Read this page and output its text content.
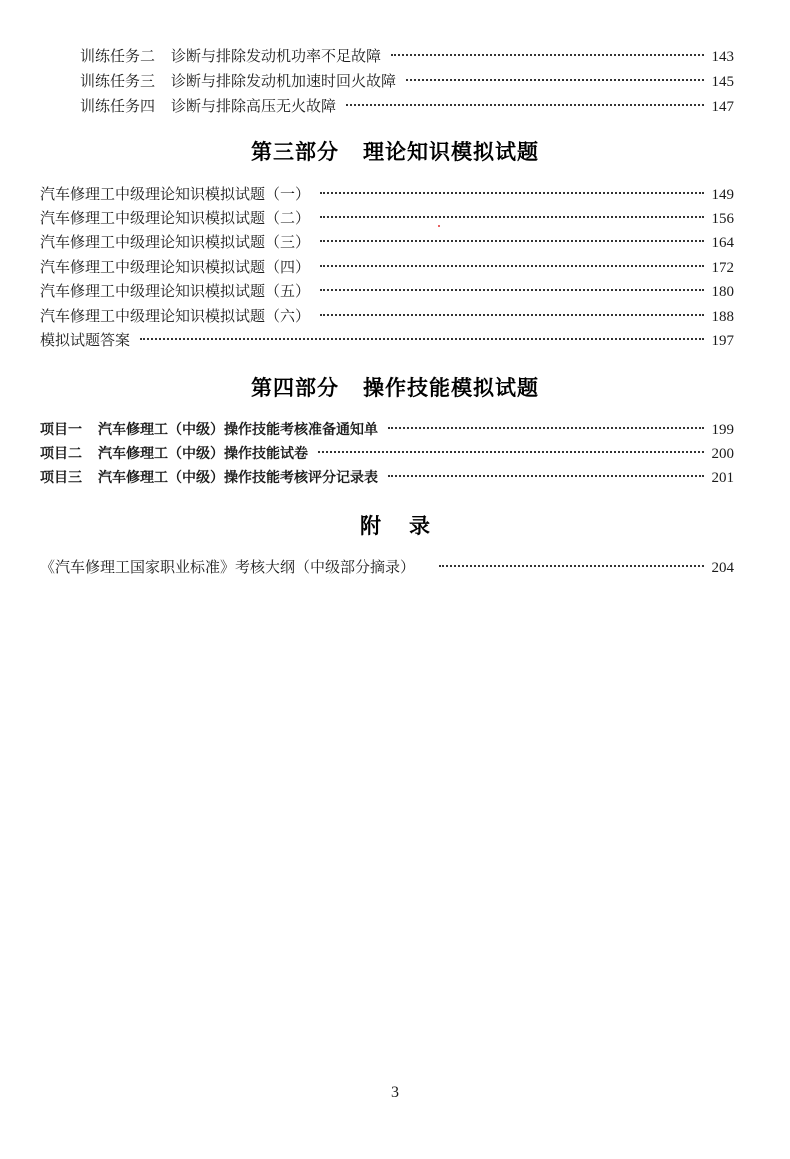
训练任务二 诊断与排除发动机功率不足故障	143
训练任务三 诊断与排除发动机加速时回火故障	145
训练任务四 诊断与排除高压无火故障	147
第三部分 理论知识模拟试题
汽车修理工中级理论知识模拟试题（一）	149
汽车修理工中级理论知识模拟试题（二）	156
汽车修理工中级理论知识模拟试题（三）	164
汽车修理工中级理论知识模拟试题（四）	172
汽车修理工中级理论知识模拟试题（五）	180
汽车修理工中级理论知识模拟试题（六）	188
模拟试题答案	197
第四部分 操作技能模拟试题
项目一 汽车修理工（中级）操作技能考核准备通知单	199
项目二 汽车修理工（中级）操作技能试卷	200
项目三 汽车修理工（中级）操作技能考核评分记录表	201
附录
《汽车修理工国家职业标准》考核大纲（中级部分摘录）	204
3
